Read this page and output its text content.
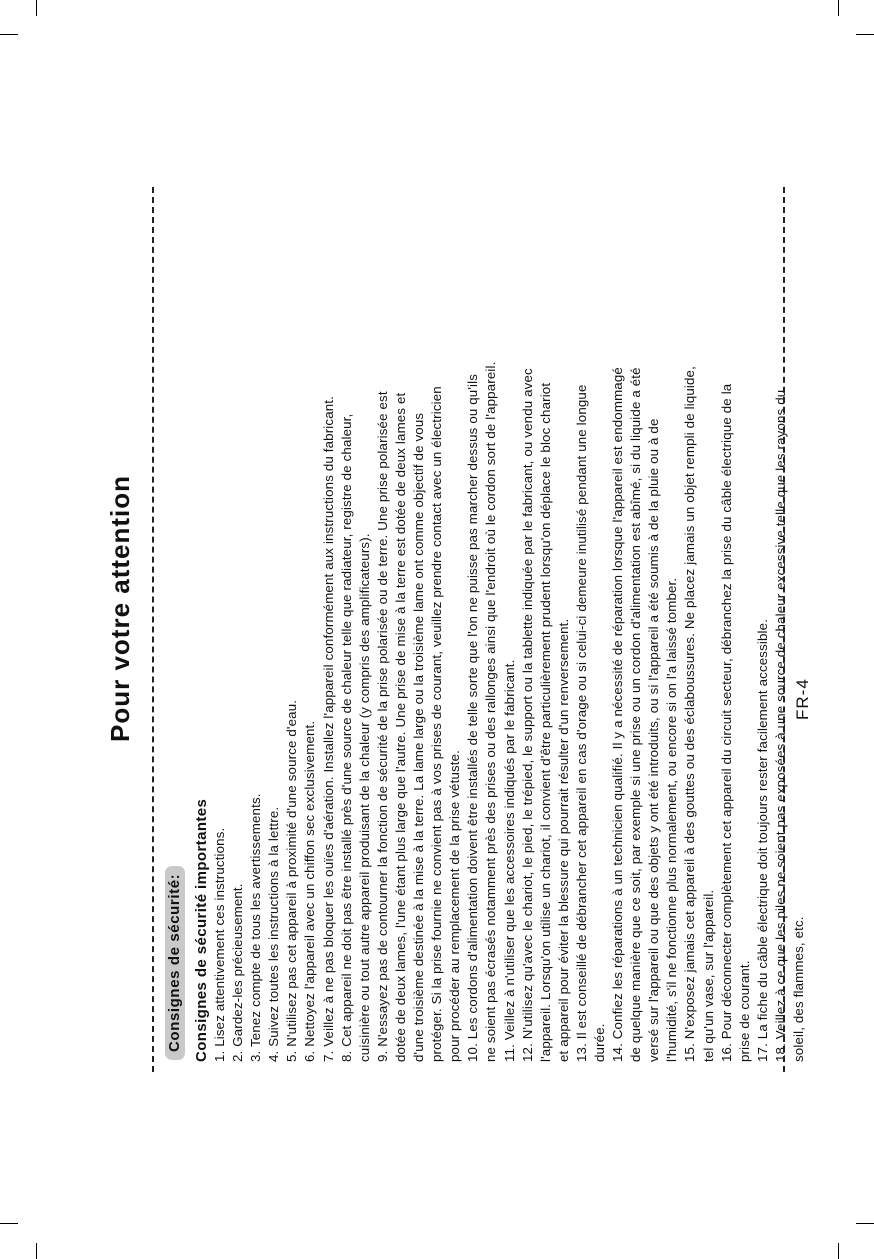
Pour votre attention
Consignes de sécurité: Consignes de sécurité importantes 1. Lisez attentivement ces instructions. 2. Gardez-les précieusement. 3. Tenez compte de tous les avertissements. 4. Suivez toutes les instructions à la lettre. 5. N'utilisez pas cet appareil à proximité d'une source d'eau. 6. Nettoyez l'appareil avec un chiffon sec exclusivement. 7. Veillez à ne pas bloquer les ouïes d'aération. Installez l'appareil conformément aux instructions du fabricant. 8. Cet appareil ne doit pas être installé près d'une source de chaleur telle que radiateur, registre de chaleur, cuisinière ou tout autre appareil produisant de la chaleur (y compris des amplificateurs). 9. N'essayez pas de contourner la fonction de sécurité de la prise polarisée ou de terre. Une prise polarisée est dotée de deux lames, l'une étant plus large que l'autre. Une prise de mise à la terre est dotée de deux lames et d'une troisième destinée à la mise à la terre. La lame large ou la troisième lame ont comme objectif de vous protéger. Si la prise fournie ne convient pas à vos prises de courant, veuillez prendre contact avec un électricien pour procéder au remplacement de la prise vétuste. 10. Les cordons d'alimentation doivent être installés de telle sorte que l'on ne puisse pas marcher dessus ou qu'ils ne soient pas écrasés notamment près des prises ou des rallonges ainsi que l'endroit où le cordon sort de l'appareil. 11. Veillez à n'utiliser que les accessoires indiqués par le fabricant. 12. N'utilisez qu'avec le chariot, le pied, le trépied, le support ou la tablette indiquée par le fabricant, ou vendu avec l'appareil. Lorsqu'on utilise un chariot, il convient d'être particulièrement prudent lorsqu'on déplace le bloc chariot et appareil pour éviter la blessure qui pourrait résulter d'un renversement. 13. Il est conseillé de débrancher cet appareil en cas d'orage ou si celui-ci demeure inutilisé pendant une longue durée. 14. Confiez les réparations à un technicien qualifié. Il y a nécessité de réparation lorsque l'appareil est endommagé de quelque manière que ce soit, par exemple si une prise ou un cordon d'alimentation est abîmé, si du liquide a été versé sur l'appareil ou que des objets y ont été introduits, ou si l'appareil a été soumis à de la pluie ou à de l'humidité, s'il ne fonctionne plus normalement, ou encore si on l'a laissé tomber. 15. N'exposez jamais cet appareil à des gouttes ou des éclaboussures. Ne placez jamais un objet rempli de liquide, tel qu'un vase, sur l'appareil. 16. Pour déconnecter complètement cet appareil du circuit secteur, débranchez la prise du câble électrique de la prise de courant. 17. La fiche du câble électrique doit toujours rester facilement accessible. 18. Veillez à ce que les piles ne soient pas exposées à une source de chaleur excessive telle que les rayons du soleil, des flammes, etc.
FR-4
